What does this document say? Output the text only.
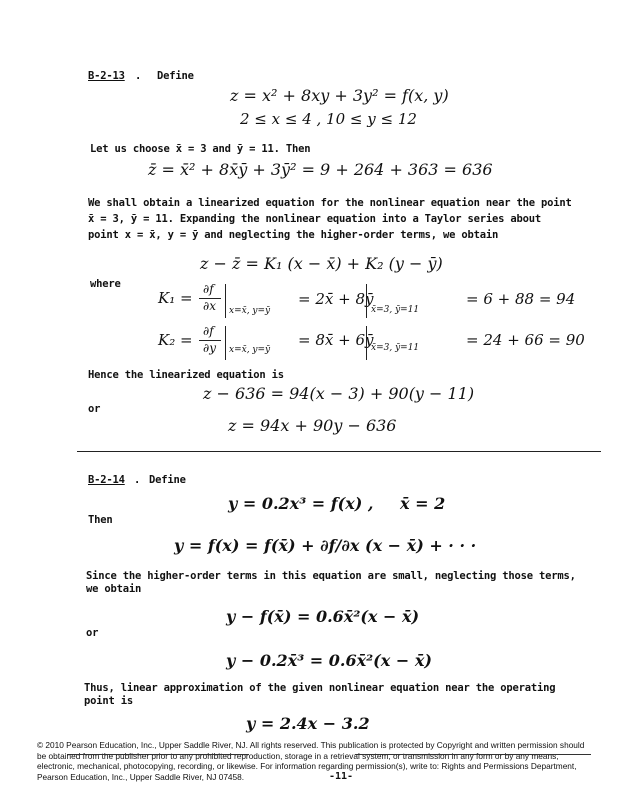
B-2-13 . Define
z = x² + 8xy + 3y² = f(x, y)
2 ≤ x ≤ 4 , 10 ≤ y ≤ 12
Let us choose x̄ = 3 and ȳ = 11. Then
z̄ = x̄² + 8x̄ȳ + 3ȳ² = 9 + 264 + 363 = 636
We shall obtain a linearized equation for the nonlinear equation near the point
x̄ = 3, ȳ = 11. Expanding the nonlinear equation into a Taylor series about
point x = x̄, y = ȳ and neglecting the higher-order terms, we obtain
z − z̄ = K₁ (x − x̄) + K₂ (y − ȳ)
where
K₁ = ∂f
∂x x=x̄, y=ȳ
= 2x̄ + 8ȳ
x̄=3, ȳ=11
= 6 + 88 = 94
K₂ = ∂f
∂y x=x̄, y=ȳ
= 8x̄ + 6ȳ
x̄=3, ȳ=11	= 24 + 66 = 90
Hence the linearized equation is
z − 636 = 94(x − 3) + 90(y − 11)
or
z = 94x + 90y − 636
B-2-14 . Define
y = 0.2x³ = f(x) , x̄ = 2
Then
y = f(x) = f(x̄) + ∂f/∂x (x − x̄) + · · ·
Since the higher-order terms in this equation are small, neglecting those terms,
we obtain
y − f(x̄) = 0.6x̄²(x − x̄)
or
y − 0.2x̄³ = 0.6x̄²(x − x̄)
Thus, linear approximation of the given nonlinear equation near the operating
point is
y = 2.4x − 3.2
© 2010 Pearson Education, Inc., Upper Saddle River, NJ. All rights reserved. This publication is protected by Copyright and written permission should be obtained from the publisher prior to any prohibited reproduction, storage in a retrieval system, or transmission in any form or by any means, electronic, mechanical, photocopying, recording, or likewise. For information regarding permission(s), write to: Rights and Permissions Department, Pearson Education, Inc., Upper Saddle River, NJ 07458.	-11-
